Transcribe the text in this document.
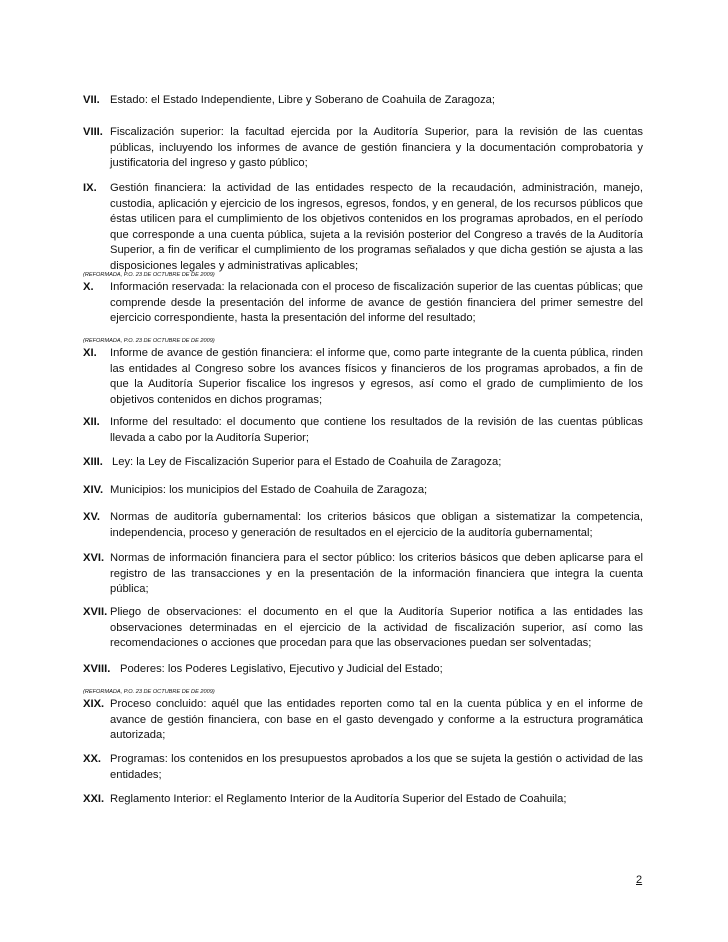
VII. Estado: el Estado Independiente, Libre y Soberano de Coahuila de Zaragoza;
VIII. Fiscalización superior: la facultad ejercida por la Auditoría Superior, para la revisión de las cuentas públicas, incluyendo los informes de avance de gestión financiera y la documentación comprobatoria y justificatoria del ingreso y gasto público;
IX.	Gestión financiera: la actividad de las entidades respecto de la recaudación, administración, manejo, custodia, aplicación y ejercicio de los ingresos, egresos, fondos, y en general, de los recursos públicos que éstas utilicen para el cumplimiento de los objetivos contenidos en los programas aprobados, en el período que corresponde a una cuenta pública, sujeta a la revisión posterior del Congreso a través de la Auditoría Superior, a fin de verificar el cumplimiento de los programas señalados y que dicha gestión se ajusta a las disposiciones legales y administrativas aplicables;
(REFORMADA, P.O. 23 DE OCTUBRE DE DE 2009)
X.	Información reservada: la relacionada con el proceso de fiscalización superior de las cuentas públicas; que comprende desde la presentación del informe de avance de gestión financiera del primer semestre del ejercicio correspondiente, hasta la presentación del informe del resultado;
(REFORMADA, P.O. 23 DE OCTUBRE DE DE 2009)
XI.	Informe de avance de gestión financiera: el informe que, como parte integrante de la cuenta pública, rinden las entidades al Congreso sobre los avances físicos y financieros de los programas aprobados, a fin de que la Auditoría Superior fiscalice los ingresos y egresos, así como el grado de cumplimiento de los objetivos contenidos en dichos programas;
XII. Informe del resultado: el documento que contiene los resultados de la revisión de las cuentas públicas llevada a cabo por la Auditoría Superior;
XIII. Ley: la Ley de Fiscalización Superior para el Estado de Coahuila de Zaragoza;
XIV. Municipios: los municipios del Estado de Coahuila de Zaragoza;
XV. Normas de auditoría gubernamental: los criterios básicos que obligan a sistematizar la competencia, independencia, proceso y generación de resultados en el ejercicio de la auditoría gubernamental;
XVI. Normas de información financiera para el sector público: los criterios básicos que deben aplicarse para el registro de las transacciones y en la presentación de la información financiera que integra la cuenta pública;
XVII. Pliego de observaciones: el documento en el que la Auditoría Superior notifica a las entidades las observaciones determinadas en el ejercicio de la actividad de fiscalización superior, así como las recomendaciones o acciones que procedan para que las observaciones puedan ser solventadas;
XVIII. Poderes: los Poderes Legislativo, Ejecutivo y Judicial del Estado;
(REFORMADA, P.O. 23 DE OCTUBRE DE DE 2009)
XIX. Proceso concluido: aquél que las entidades reporten como tal en la cuenta pública y en el informe de avance de gestión financiera, con base en el gasto devengado y conforme a la estructura programática autorizada;
XX. Programas: los contenidos en los presupuestos aprobados a los que se sujeta la gestión o actividad de las entidades;
XXI. Reglamento Interior: el Reglamento Interior de la Auditoría Superior del Estado de Coahuila;
2
